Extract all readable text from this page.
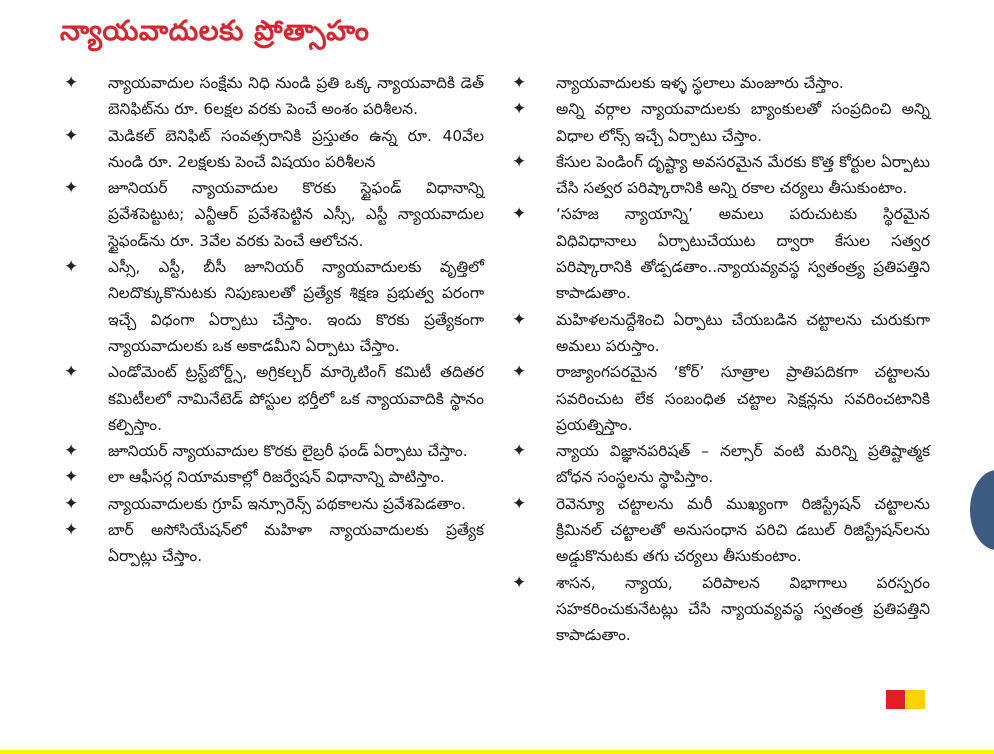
న్యాయవాదులకు ప్రోత్సాహం
✦ న్యాయవాదుల సంక్షేమ నిధి నుండి ప్రతి ఒక్క న్యాయవాదికి డెత్ బెనిఫిట్‌ను రూ. 6లక్షల వరకు పెంచే అంశం పరిశీలన.
✦ మెడికల్ బెనిఫిట్ సంవత్సరానికి ప్రస్తుతం ఉన్న రూ. 40వేల నుండి రూ. 2లక్షలకు పెంచే విషయం పరిశీలన
✦ జూనియర్ న్యాయవాదుల కొరకు స్టైఫండ్ విధానాన్ని ప్రవేశపెట్టుట; ఎన్టీఆర్ ప్రవేశపెట్టిన ఎస్సీ, ఎస్టీ న్యాయవాదుల స్టైఫండ్‌ను రూ. 3వేల వరకు పెంచే ఆలోచన.
✦ ఎస్సీ, ఎస్టీ, బీసీ జూనియర్ న్యాయవాదులకు వృత్తిలో నిలదొక్కుకొనుటకు నిపుణులతో ప్రత్యేక శిక్షణ ప్రభుత్వ పరంగా ఇచ్చే విధంగా ఏర్పాటు చేస్తాం. ఇందు కొరకు ప్రత్యేకంగా న్యాయవాదులకు ఒక అకాడమీని ఏర్పాటు చేస్తాం.
✦ ఎండోమెంట్ ట్రస్ట్‌బోర్డ్స్, అగ్రికల్చర్ మార్కెటింగ్ కమిటీ తదితర కమిటీలలో నామినేటెడ్ పోస్టుల భర్తీలో ఒక న్యాయవాదికి స్థానం కల్పిస్తాం.
✦ జూనియర్ న్యాయవాదుల కొరకు లైబ్రరీ ఫండ్ ఏర్పాటు చేస్తాం.
✦ లా ఆఫీసర్ల నియామకాల్లో రిజర్వేషన్ విధానాన్ని పాటిస్తాం.
✦ న్యాయవాదులకు గ్రూప్ ఇన్సూరెన్స్ పథకాలను ప్రవేశపెడతాం.
✦ బార్ అసోసియేషన్‌లో మహిళా న్యాయవాదులకు ప్రత్యేక ఏర్పాట్లు చేస్తాం.
✦ న్యాయవాదులకు ఇళ్ళ స్థలాలు మంజూరు చేస్తాం.
✦ అన్ని వర్గాల న్యాయవాదులకు బ్యాంకులతో సంప్రదించి అన్ని విధాల లోన్స్ ఇచ్చే ఏర్పాటు చేస్తాం.
✦ కేసుల పెండింగ్ దృష్ట్యా అవసరమైన మేరకు కొత్త కోర్టుల ఏర్పాటు చేసి సత్వర పరిష్కారానికి అన్ని రకాల చర్యలు తీసుకుంటాం.
✦ ‘సహజ న్యాయాన్ని’ అమలు పరుచుటకు స్థిరమైన విధివిధానాలు ఏర్పాటుచేయుట ద్వారా కేసుల సత్వర పరిష్కారానికి తోడ్పడతాం..న్యాయవ్యవస్థ స్వతంత్ర్య ప్రతిపత్తిని కాపాడుతాం.
✦ మహిళలనుద్దేశించి ఏర్పాటు చేయబడిన చట్టాలను చురుకుగా అమలు పరుస్తాం.
✦ రాజ్యాంగపరమైన ‘కోర్’ సూత్రాల ప్రాతిపదికగా చట్టాలను సవరించుట లేక సంబంధిత చట్టాల సెక్షన్లను సవరించటానికి ప్రయత్నిస్తాం.
✦ న్యాయ విజ్ఞానపరిషత్ – నల్సార్ వంటి మరిన్ని ప్రతిష్టాత్మక బోధన సంస్థలను స్థాపిస్తాం.
✦ రెవెన్యూ చట్టాలను మరీ ముఖ్యంగా రిజిస్ట్రేషన్ చట్టాలను క్రిమినల్ చట్టాలతో అనుసంధాన పరిచి డబుల్ రిజిస్ట్రేషన్‌లను అడ్డుకొనుటకు తగు చర్యలు తీసుకుంటాం.
✦ శాసన, న్యాయ, పరిపాలన విభాగాలు పరస్పరం సహకరించుకునేటట్లు చేసి న్యాయవ్యవస్థ స్వతంత్ర ప్రతిపత్తిని కాపాడుతాం.
